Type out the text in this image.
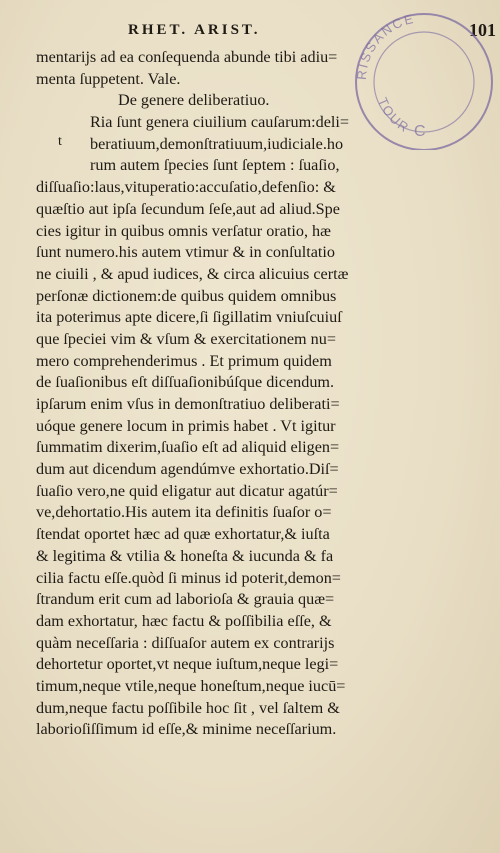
RHET. ARIST.	101
RISSANCE
TOUR C
t
mentarijs ad ea conſequenda abunde tibi adiu=
menta ſuppetent. Vale.
De genere deliberatiuo.
Ria ſunt genera ciuilium cauſarum:deli=
beratiuum,demonſtratiuum,iudiciale.ho
rum autem ſpecies ſunt ſeptem : ſuaſio,
diſſuaſio:laus,vituperatio:accuſatio,defenſio: &
quæſtio aut ipſa ſecundum ſeſe,aut ad aliud.Spe
cies igitur in quibus omnis verſatur oratio, hæ
ſunt numero.his autem vtimur & in conſultatio
ne ciuili , & apud iudices, & circa alicuius certæ
perſonæ dictionem:de quibus quidem omnibus
ita poterimus apte dicere,ſi ſigillatim vniuſcuiuſ
que ſpeciei vim & vſum & exercitationem nu=
mero comprehenderimus . Et primum quidem
de ſuaſionibus eſt diſſuaſionibúſque dicendum.
ipſarum enim vſus in demonſtratiuo deliberati=
uóque genere locum in primis habet . Vt igitur
ſummatim dixerim,ſuaſio eſt ad aliquid eligen=
dum aut dicendum agendúmve exhortatio.Diſ=
ſuaſio vero,ne quid eligatur aut dicatur agatúr=
ve,dehortatio.His autem ita definitis ſuaſor o=
ſtendat oportet hæc ad quæ exhortatur,& iuſta
& legitima & vtilia & honeſta & iucunda & fa
cilia factu eſſe.quòd ſi minus id poterit,demon=
ſtrandum erit cum ad laborioſa & grauia quæ=
dam exhortatur, hæc factu & poſſibilia eſſe, &
quàm neceſſaria : diſſuaſor autem ex contrarijs
dehortetur oportet,vt neque iuſtum,neque legi=
timum,neque vtile,neque honeſtum,neque iucū=
dum,neque factu poſſibile hoc ſit , vel ſaltem &
laborioſiſſimum id eſſe,& minime neceſſarium.
